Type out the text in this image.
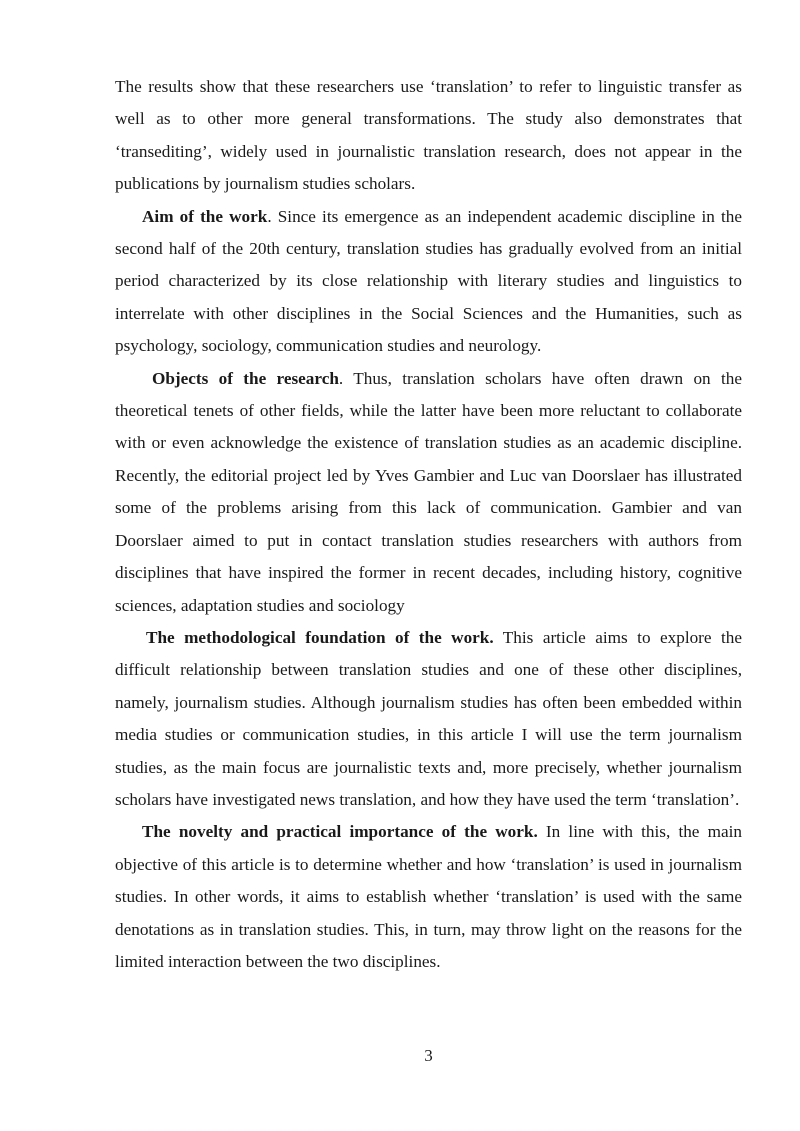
The results show that these researchers use ‘translation’ to refer to linguistic transfer as well as to other more general transformations. The study also demonstrates that ‘transediting’, widely used in journalistic translation research, does not appear in the publications by journalism studies scholars.

Aim of the work. Since its emergence as an independent academic discipline in the second half of the 20th century, translation studies has gradually evolved from an initial period characterized by its close relationship with literary studies and linguistics to interrelate with other disciplines in the Social Sciences and the Humanities, such as psychology, sociology, communication studies and neurology.

Objects of the research. Thus, translation scholars have often drawn on the theoretical tenets of other fields, while the latter have been more reluctant to collaborate with or even acknowledge the existence of translation studies as an academic discipline. Recently, the editorial project led by Yves Gambier and Luc van Doorslaer has illustrated some of the problems arising from this lack of communication. Gambier and van Doorslaer aimed to put in contact translation studies researchers with authors from disciplines that have inspired the former in recent decades, including history, cognitive sciences, adaptation studies and sociology

The methodological foundation of the work. This article aims to explore the difficult relationship between translation studies and one of these other disciplines, namely, journalism studies. Although journalism studies has often been embedded within media studies or communication studies, in this article I will use the term journalism studies, as the main focus are journalistic texts and, more precisely, whether journalism scholars have investigated news translation, and how they have used the term ‘translation’.

The novelty and practical importance of the work. In line with this, the main objective of this article is to determine whether and how ‘translation’ is used in journalism studies. In other words, it aims to establish whether ‘translation’ is used with the same denotations as in translation studies. This, in turn, may throw light on the reasons for the limited interaction between the two disciplines.

3
